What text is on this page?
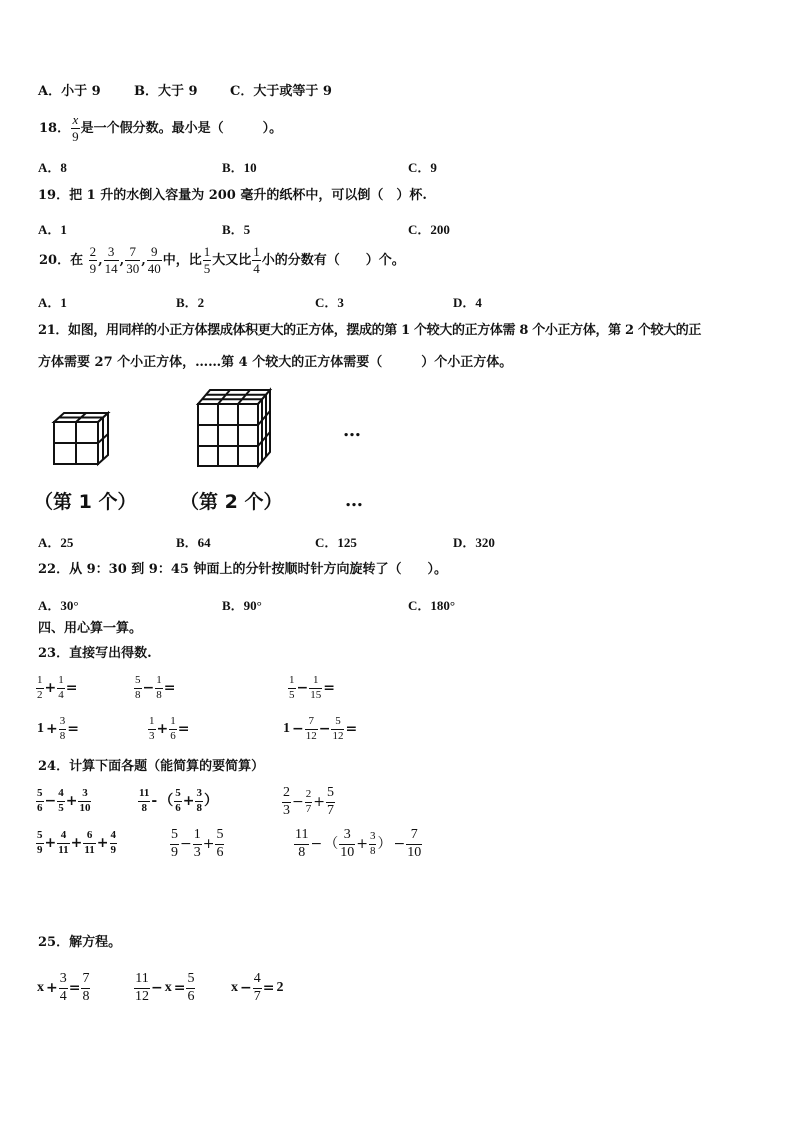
A．小于 9	B．大于 9 C．大于或等于 9
18． $\frac{x}{9}$ 是一个假分数。最小是（　　　）。
A．8	B．10	C．9
19．把 1 升的水倒入容量为 200 毫升的纸杯中，可以倒（　）杯.
A．1	B．5	C．200
20．在 $\frac{2}{9}$ , $\frac{3}{14}$ , $\frac{7}{30}$ , $\frac{9}{40}$ 中，比 $\frac{1}{5}$ 大又比 $\frac{1}{4}$ 小的分数有（　　）个。
A．1	B．2	C．3	D．4
21．如图，用同样的小正方体摆成体积更大的正方体，摆成的第 1 个较大的正方体需 8 个小正方体，第 2 个较大的正
方体需要 27 个小正方体，……第 4 个较大的正方体需要（　　　）个小正方体。
…
（第 1 个） （第 2 个）	…
A．25	B．64	C．125	D．320
22．从 9：30 到 9：45 钟面上的分针按顺时针方向旋转了（　　）。
A．30°	B．90°	C．180°
四、用心算一算。
23．直接写出得数.
$\frac{1}{2} + \frac{1}{4}$ =	$\frac{5}{8} - \frac{1}{8}$ =	$\frac{1}{5} - \frac{1}{15}$ =
$1 + \frac{3}{8}$ =	$\frac{1}{3} + \frac{1}{6}$ =	$1 - \frac{7}{12} - \frac{5}{12}$ =
24．计算下面各题（能简算的要简算）
$\frac{5}{6} - \frac{4}{5} + \frac{3}{10}$	$\frac{11}{8}$ - （ $\frac{5}{6} + \frac{3}{8}$ ）	$\frac{2}{3} - \frac{2}{7} + \frac{5}{7}$
$\frac{5}{9} + \frac{4}{11} + \frac{6}{11} + \frac{4}{9}$	$\frac{5}{9} - \frac{1}{3} + \frac{5}{6}$	$\frac{11}{8}$ − （ $\frac{3}{10} + \frac{3}{8}$ ） − $\frac{7}{10}$
25．解方程。
$x + \frac{3}{4} = \frac{7}{8}$	$\frac{11}{12} - x = \frac{5}{6}$	$x - \frac{4}{7} = 2$
